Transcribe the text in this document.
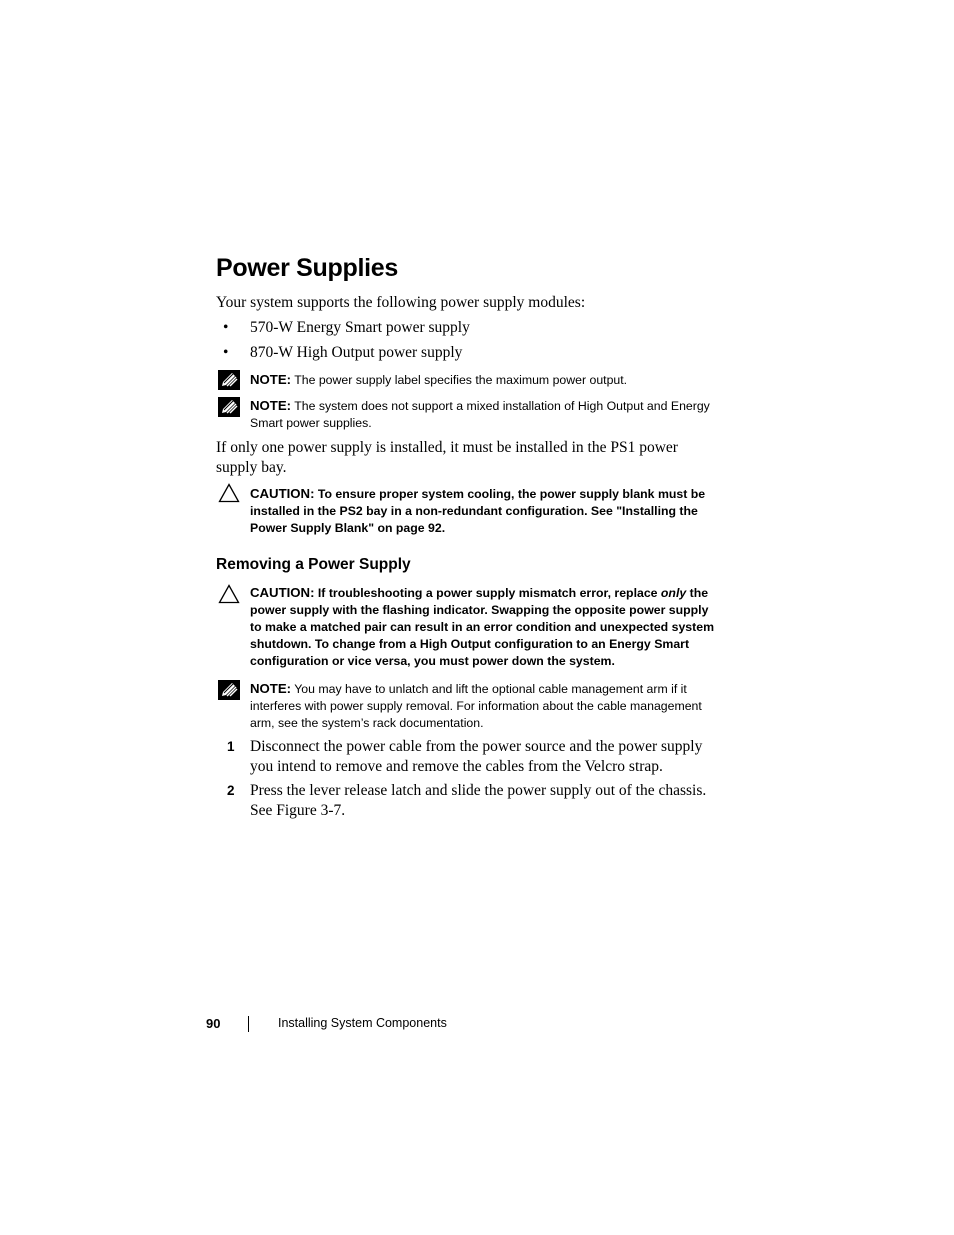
Power Supplies
Your system supports the following power supply modules:
• 570-W Energy Smart power supply
• 870-W High Output power supply
NOTE: The power supply label specifies the maximum power output.
NOTE: The system does not support a mixed installation of High Output and Energy Smart power supplies.
If only one power supply is installed, it must be installed in the PS1 power supply bay.
CAUTION: To ensure proper system cooling, the power supply blank must be installed in the PS2 bay in a non-redundant configuration. See "Installing the Power Supply Blank" on page 92.
Removing a Power Supply
CAUTION: If troubleshooting a power supply mismatch error, replace only the power supply with the flashing indicator. Swapping the opposite power supply to make a matched pair can result in an error condition and unexpected system shutdown. To change from a High Output configuration to an Energy Smart configuration or vice versa, you must power down the system.
NOTE: You may have to unlatch and lift the optional cable management arm if it interferes with power supply removal. For information about the cable management arm, see the system’s rack documentation.
1 Disconnect the power cable from the power source and the power supply you intend to remove and remove the cables from the Velcro strap.
2 Press the lever release latch and slide the power supply out of the chassis. See Figure 3-7.
90	Installing System Components
